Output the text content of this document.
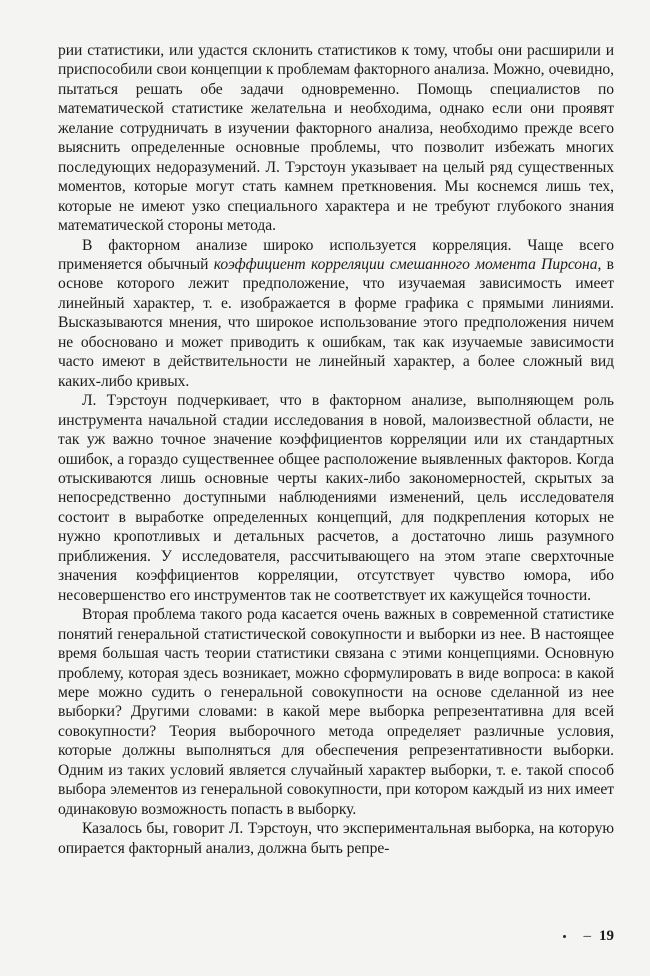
рии статистики, или удастся склонить статистиков к тому, чтобы они расширили и приспособили свои концепции к проблемам факторного анализа. Можно, очевидно, пытаться решать обе задачи одновременно. Помощь специалистов по математической статистике желательна и необходима, однако если они проявят желание сотрудничать в изучении факторного анализа, необходимо прежде всего выяснить определенные основные проблемы, что позволит избежать многих последующих недоразумений. Л. Тэрстоун указывает на целый ряд существенных моментов, которые могут стать камнем преткновения. Мы коснемся лишь тех, которые не имеют узко специального характера и не требуют глубокого знания математической стороны метода.

В факторном анализе широко используется корреляция. Чаще всего применяется обычный коэффициент корреляции смешанного момента Пирсона, в основе которого лежит предположение, что изучаемая зависимость имеет линейный характер, т. е. изображается в форме графика с прямыми линиями. Высказываются мнения, что широкое использование этого предположения ничем не обосновано и может приводить к ошибкам, так как изучаемые зависимости часто имеют в действительности не линейный характер, а более сложный вид каких-либо кривых.

Л. Тэрстоун подчеркивает, что в факторном анализе, выполняющем роль инструмента начальной стадии исследования в новой, малоизвестной области, не так уж важно точное значение коэффициентов корреляции или их стандартных ошибок, а гораздо существеннее общее расположение выявленных факторов. Когда отыскиваются лишь основные черты каких-либо закономерностей, скрытых за непосредственно доступными наблюдениями изменений, цель исследователя состоит в выработке определенных концепций, для подкрепления которых не нужно кропотливых и детальных расчетов, а достаточно лишь разумного приближения. У исследователя, рассчитывающего на этом этапе сверхточные значения коэффициентов корреляции, отсутствует чувство юмора, ибо несовершенство его инструментов так не соответствует их кажущейся точности.

Вторая проблема такого рода касается очень важных в современной статистике понятий генеральной статистической совокупности и выборки из нее. В настоящее время большая часть теории статистики связана с этими концепциями. Основную проблему, которая здесь возникает, можно сформулировать в виде вопроса: в какой мере можно судить о генеральной совокупности на основе сделанной из нее выборки? Другими словами: в какой мере выборка репрезентативна для всей совокупности? Теория выборочного метода определяет различные условия, которые должны выполняться для обеспечения репрезентативности выборки. Одним из таких условий является случайный характер выборки, т. е. такой способ выбора элементов из генеральной совокупности, при котором каждый из них имеет одинаковую возможность попасть в выборку.

Казалось бы, говорит Л. Тэрстоун, что экспериментальная выборка, на которую опирается факторный анализ, должна быть репре-

– 19
